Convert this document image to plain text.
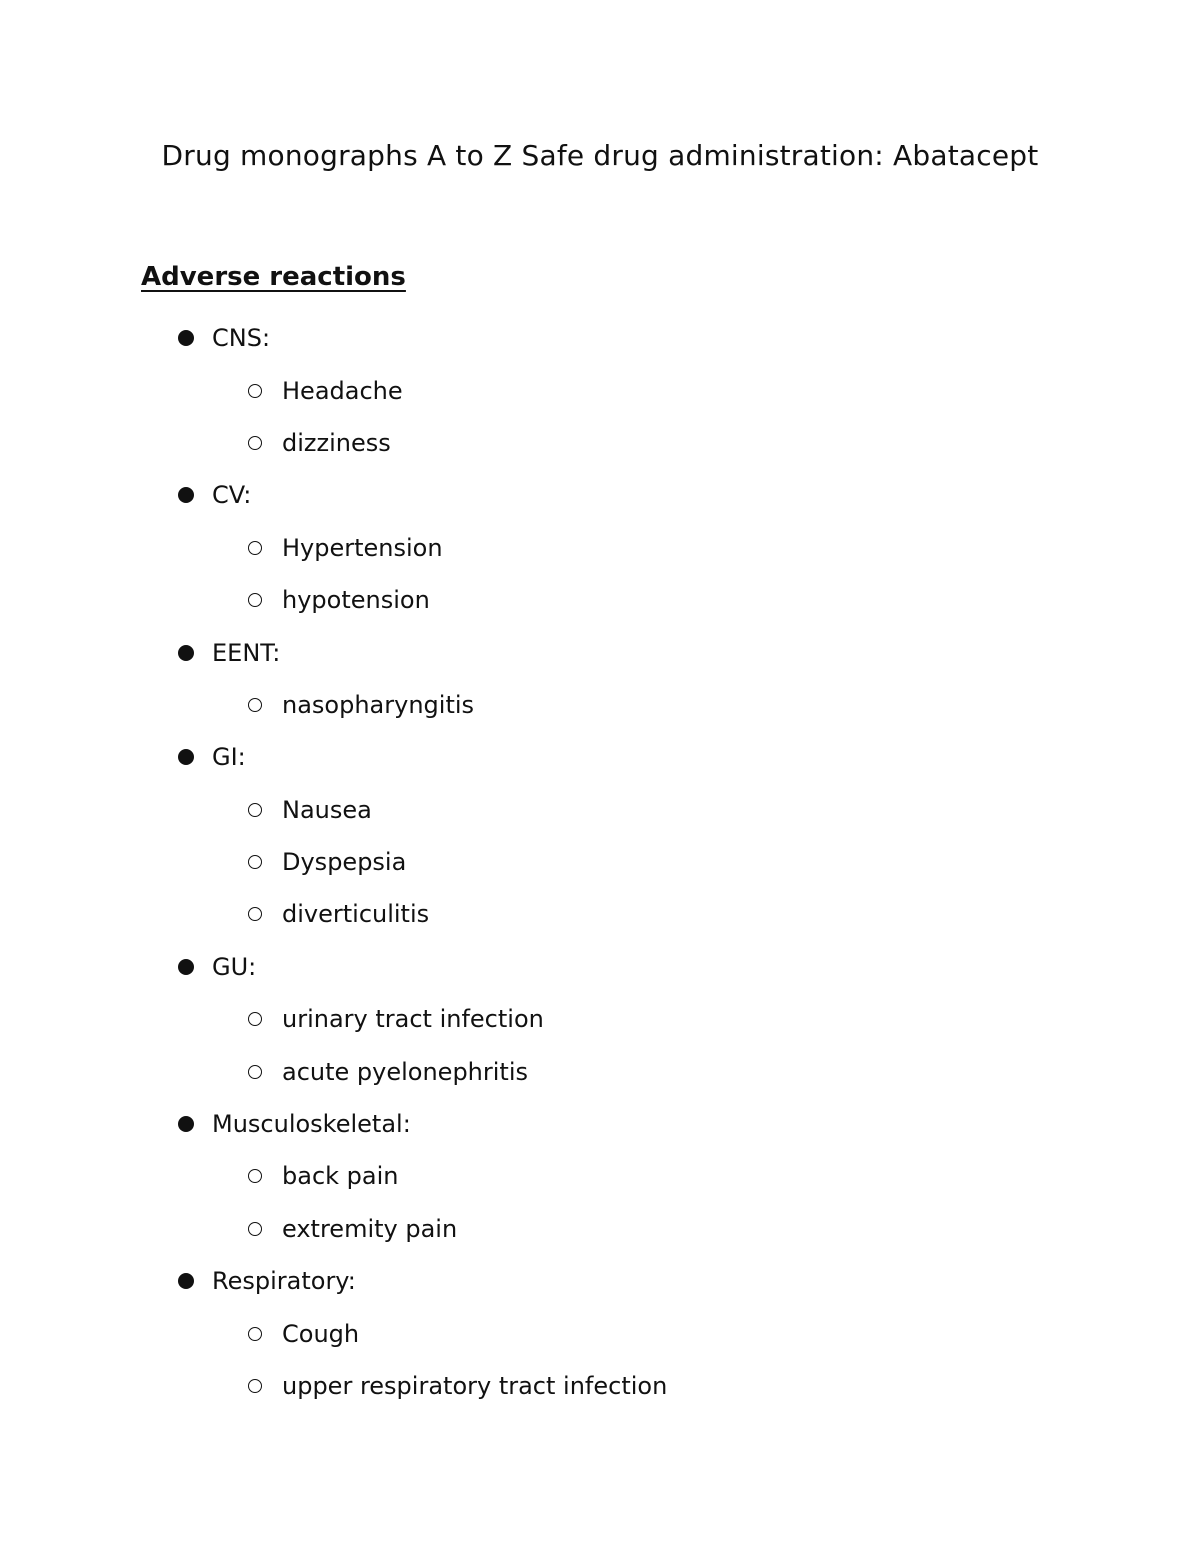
Drug monographs A to Z Safe drug administration: Abatacept
Adverse reactions
CNS:
Headache
dizziness
CV:
Hypertension
hypotension
EENT:
nasopharyngitis
GI:
Nausea
Dyspepsia
diverticulitis
GU:
urinary tract infection
acute pyelonephritis
Musculoskeletal:
back pain
extremity pain
Respiratory:
Cough
upper respiratory tract infection
